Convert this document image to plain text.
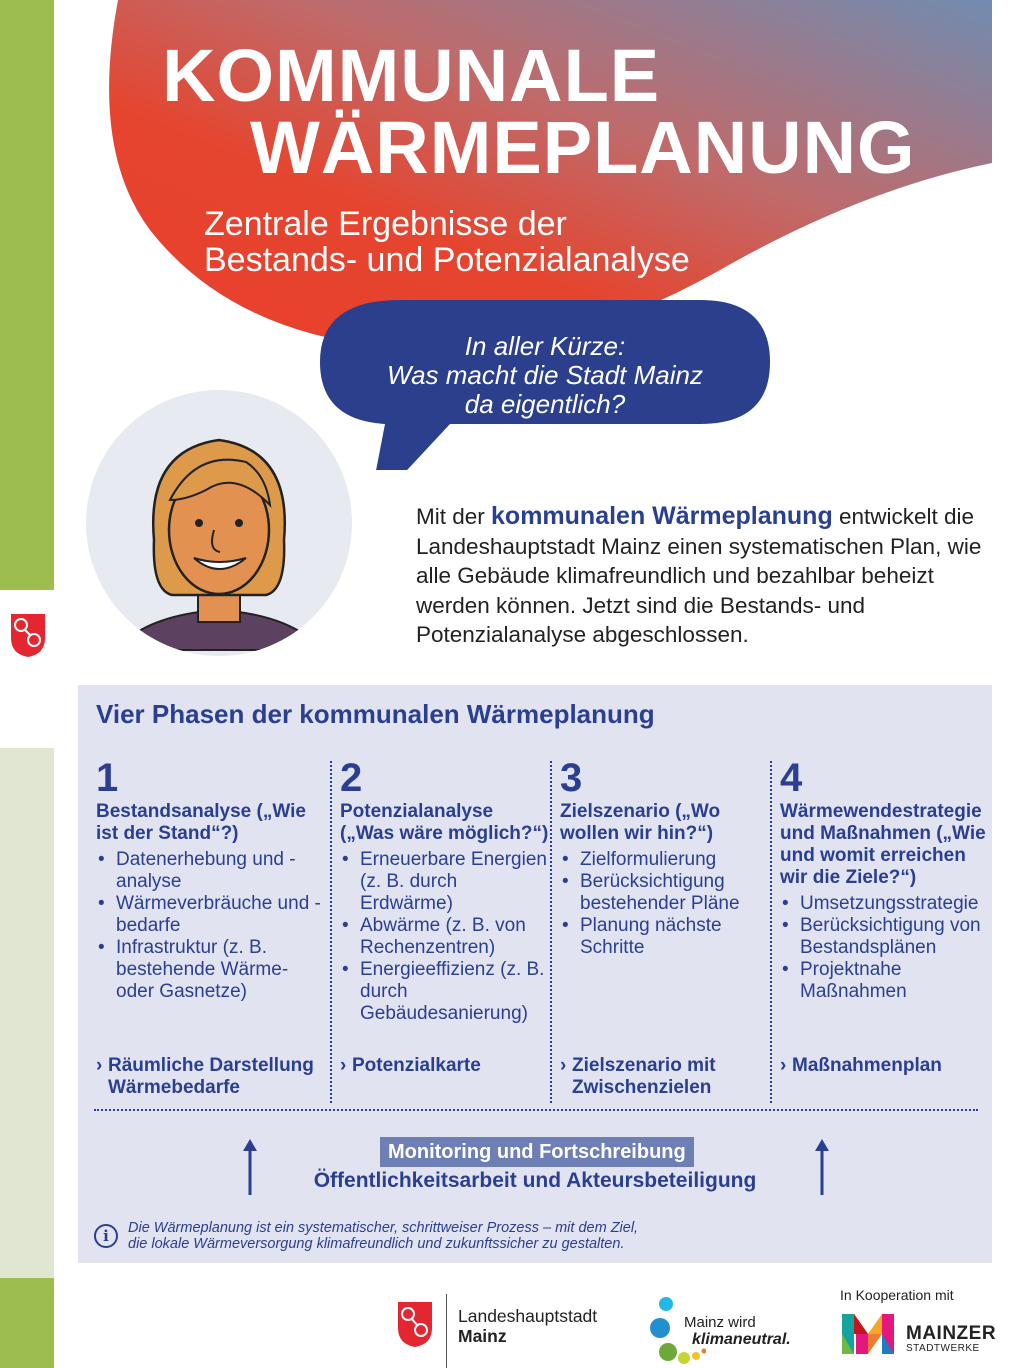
KOMMUNALE
WÄRMEPLANUNG
Zentrale Ergebnisse der
Bestands- und Potenzialanalyse
In aller Kürze:
Was macht die Stadt Mainz
da eigentlich?

Mit der kommunalen Wärmeplanung entwickelt die Landeshauptstadt Mainz einen systematischen Plan, wie alle Gebäude klimafreundlich und bezahlbar beheizt werden können. Jetzt sind die Bestands- und Potenzialanalyse abgeschlossen.

Vier Phasen der kommunalen Wärmeplanung
1
Bestandsanalyse („Wie ist der Stand“?)
• Datenerhebung und -analyse
• Wärmeverbräuche und -bedarfe
• Infrastruktur (z. B. bestehende Wärme- oder Gasnetze)
2
Potenzialanalyse („Was wäre möglich?“)
• Erneuerbare Energien (z. B. durch Erdwärme)
• Abwärme (z. B. von Rechenzentren)
• Energieeffizienz (z. B. durch Gebäudesanierung)
3
Zielszenario („Wo wollen wir hin?“)
• Zielformulierung
• Berücksichtigung bestehender Pläne
• Planung nächste Schritte
4
Wärmewendestrategie und Maßnahmen („Wie und womit erreichen wir die Ziele?“)
• Umsetzungsstrategie
• Berücksichtigung von Bestandsplänen
• Projektnahe Maßnahmen
› Räumliche Darstellung
Wärmebedarfe
› Potenzialkarte	› Zielszenario mit
Zwischenzielen
› Maßnahmenplan
Monitoring und Fortschreibung
Öffentlichkeitsarbeit und Akteursbeteiligung
i	Die Wärmeplanung ist ein systematischer, schrittweiser Prozess – mit dem Ziel,
die lokale Wärmeversorgung klimafreundlich und zukunftssicher zu gestalten.
Landeshauptstadt
Mainz
Mainz wird
klimaneutral.
In Kooperation mit
MAINZER
STADTWERKE
